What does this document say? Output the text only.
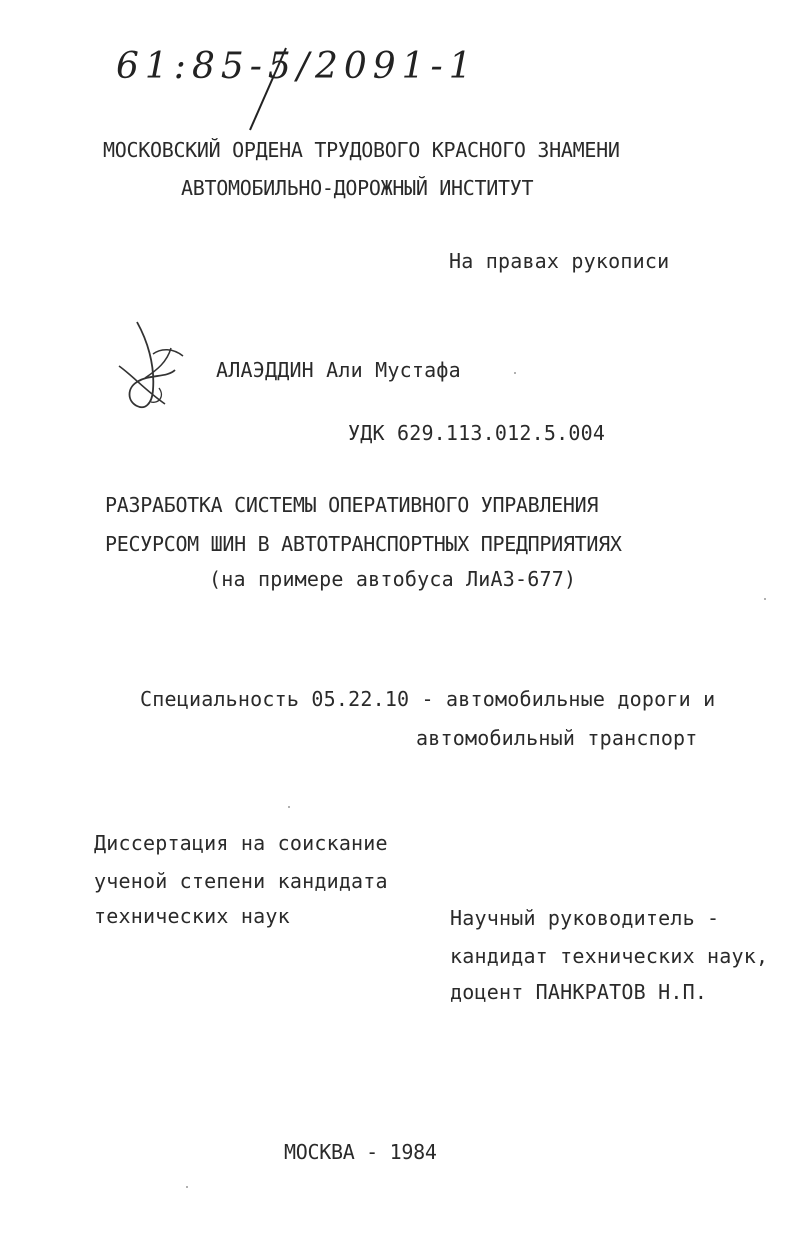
61:85-5/2091-1
МОСКОВСКИЙ ОРДЕНА ТРУДОВОГО КРАСНОГО ЗНАМЕНИ
АВТОМОБИЛЬНО-ДОРОЖНЫЙ ИНСТИТУТ
На правах рукописи
АЛАЭДДИН Али Мустафа
УДК 629.113.012.5.004
РАЗРАБОТКА СИСТЕМЫ ОПЕРАТИВНОГО УПРАВЛЕНИЯ
РЕСУРСОМ ШИН В АВТОТРАНСПОРТНЫХ ПРЕДПРИЯТИЯХ
(на примере автобуса ЛиАЗ-677)
Специальность 05.22.10 - автомобильные дороги и
автомобильный транспорт
Диссертация на соискание
ученой степени кандидата
технических наук	Научный руководитель -
кандидат технических наук,
доцент ПАНКРАТОВ Н.П.
МОСКВА - 1984
